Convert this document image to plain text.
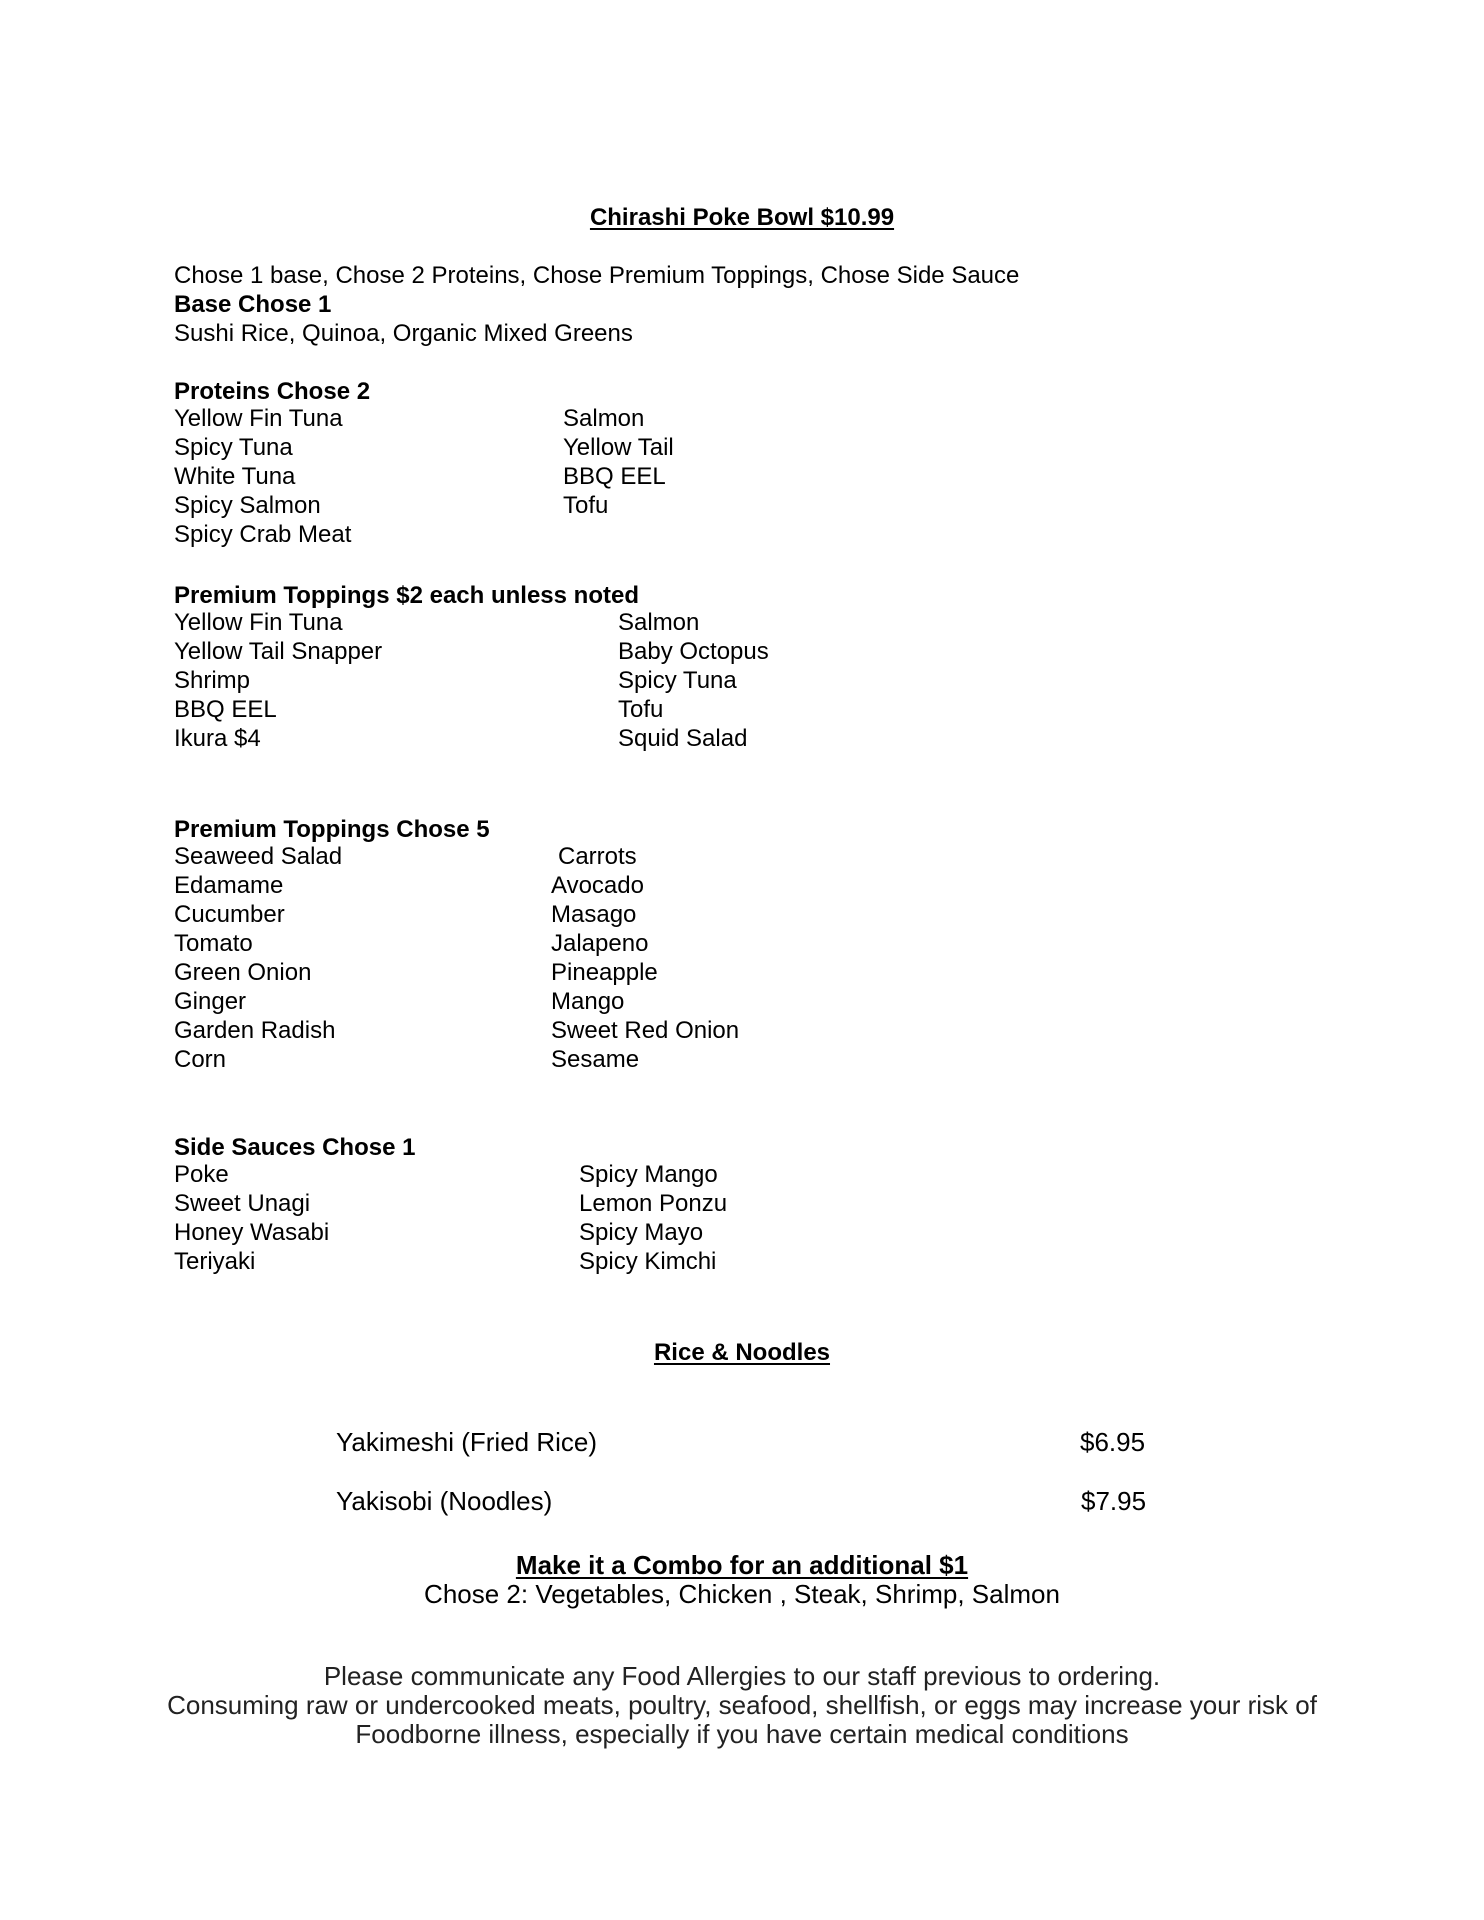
Chirashi Poke Bowl $10.99
Chose 1 base, Chose 2 Proteins, Chose Premium Toppings, Chose Side Sauce
Base Chose 1
Sushi Rice, Quinoa, Organic Mixed Greens
Proteins Chose 2
Yellow Fin Tuna
Spicy Tuna
White Tuna
Spicy Salmon
Spicy Crab Meat
Salmon
Yellow Tail
BBQ EEL
Tofu
Premium Toppings $2 each unless noted
Yellow Fin Tuna
Yellow Tail Snapper
Shrimp
BBQ EEL
Ikura $4
Salmon
Baby Octopus
Spicy Tuna
Tofu
Squid Salad
Premium Toppings Chose 5
Seaweed Salad
Edamame
Cucumber
Tomato
Green Onion
Ginger
Garden Radish
Corn
Carrots
Avocado
Masago
Jalapeno
Pineapple
Mango
Sweet Red Onion
Sesame
Side Sauces Chose 1
Poke
Sweet Unagi
Honey Wasabi
Teriyaki
Spicy Mango
Lemon Ponzu
Spicy Mayo
Spicy Kimchi
Rice & Noodles
Yakimeshi (Fried Rice)	$6.95
Yakisobi (Noodles)	$7.95
Make it a Combo for an additional $1
Chose 2: Vegetables, Chicken , Steak, Shrimp, Salmon
Please communicate any Food Allergies to our staff previous to ordering.
Consuming raw or undercooked meats, poultry, seafood, shellfish, or eggs may increase your risk of
Foodborne illness, especially if you have certain medical conditions
